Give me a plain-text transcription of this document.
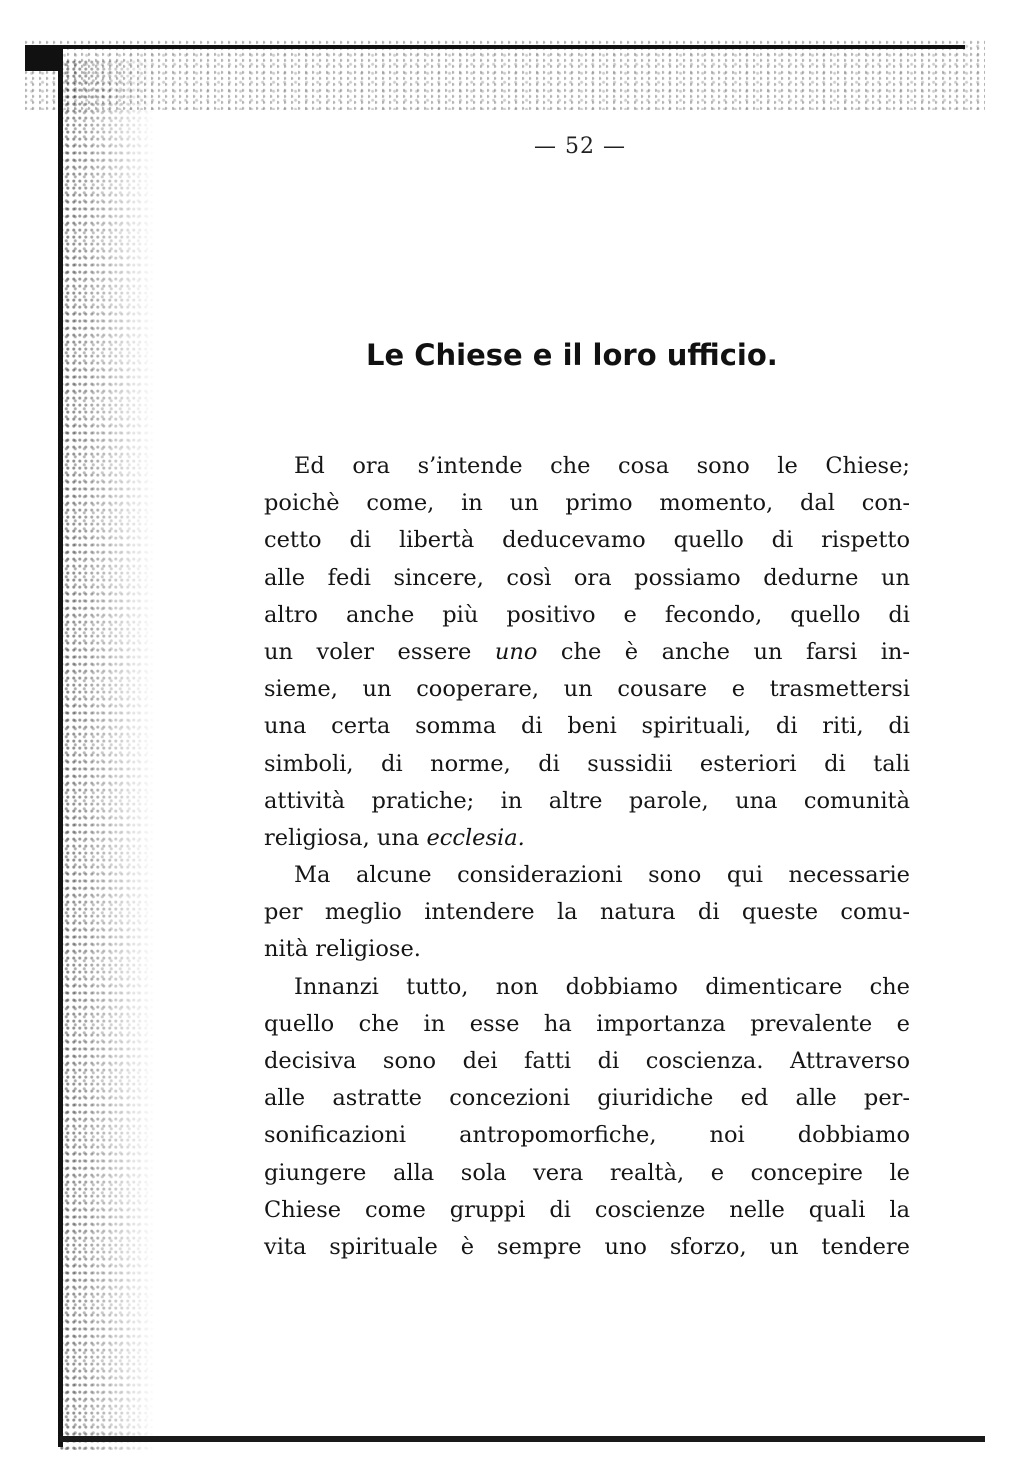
— 52 —
Le Chiese e il loro ufficio.
Ed ora s’intende che cosa sono le Chiese;
poichè come, in un primo momento, dal con-
cetto di libertà deducevamo quello di rispetto
alle fedi sincere, così ora possiamo dedurne un
altro anche più positivo e fecondo, quello di
un voler essere uno che è anche un farsi in-
sieme, un cooperare, un cousare e trasmettersi
una certa somma di beni spirituali, di riti, di
simboli, di norme, di sussidii esteriori di tali
attività pratiche; in altre parole, una comunità
religiosa, una ecclesia.
Ma alcune considerazioni sono qui necessarie
per meglio intendere la natura di queste comu-
nità religiose.
Innanzi tutto, non dobbiamo dimenticare che
quello che in esse ha importanza prevalente e
decisiva sono dei fatti di coscienza. Attraverso
alle astratte concezioni giuridiche ed alle per-
sonificazioni antropomorfiche, noi dobbiamo
giungere alla sola vera realtà, e concepire le
Chiese come gruppi di coscienze nelle quali la
vita spirituale è sempre uno sforzo, un tendere
